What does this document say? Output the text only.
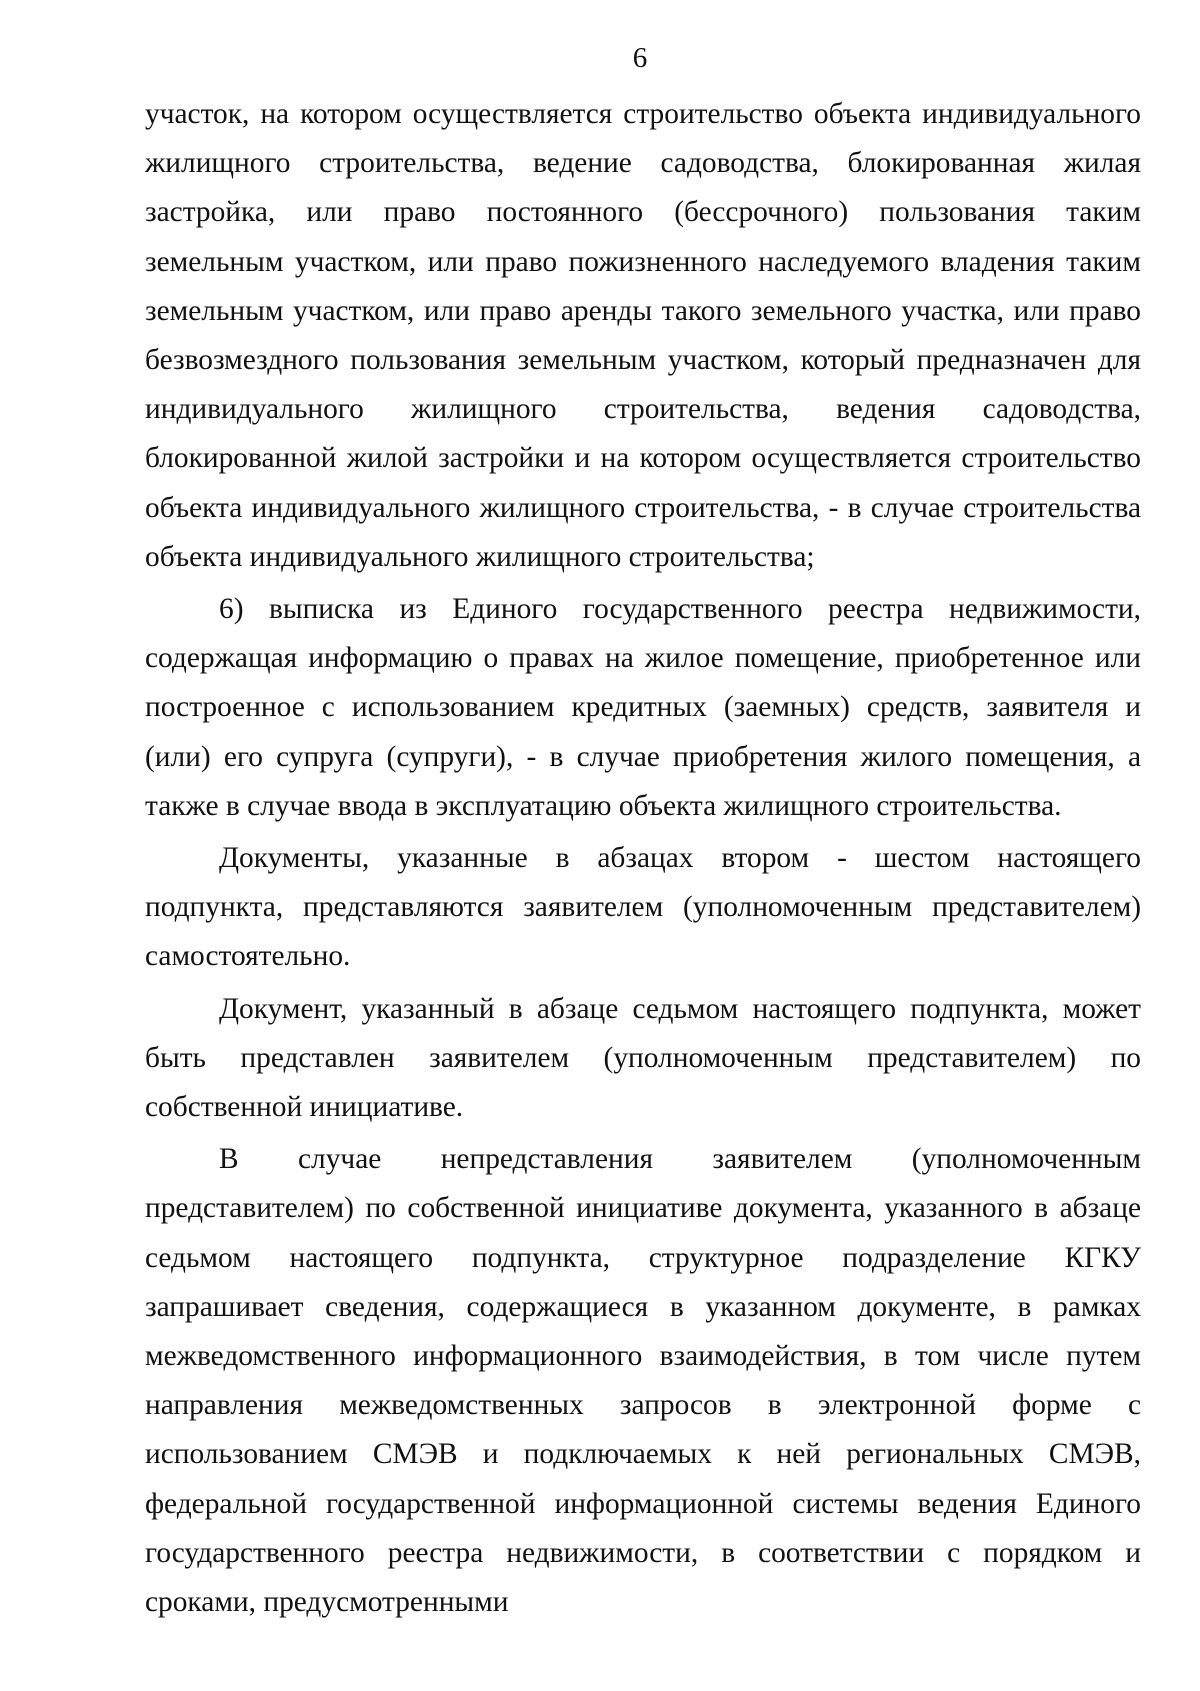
6

участок, на котором осуществляется строительство объекта индивидуального жилищного строительства, ведение садоводства, блокированная жилая застройка, или право постоянного (бессрочного) пользования таким земельным участком, или право пожизненного наследуемого владения таким земельным участком, или право аренды такого земельного участка, или право безвозмездного пользования земельным участком, который предназначен для индивидуального жилищного строительства, ведения садоводства, блокированной жилой застройки и на котором осуществляется строительство объекта индивидуального жилищного строительства, - в случае строительства объекта индивидуального жилищного строительства;

6) выписка из Единого государственного реестра недвижимости, содержащая информацию о правах на жилое помещение, приобретенное или построенное с использованием кредитных (заемных) средств, заявителя и (или) его супруга (супруги), - в случае приобретения жилого помещения, а также в случае ввода в эксплуатацию объекта жилищного строительства.

Документы, указанные в абзацах втором - шестом настоящего подпункта, представляются заявителем (уполномоченным представителем) самостоятельно.

Документ, указанный в абзаце седьмом настоящего подпункта, может быть представлен заявителем (уполномоченным представителем) по собственной инициативе.

В случае непредставления заявителем (уполномоченным представителем) по собственной инициативе документа, указанного в абзаце седьмом настоящего подпункта, структурное подразделение КГКУ запрашивает сведения, содержащиеся в указанном документе, в рамках межведомственного информационного взаимодействия, в том числе путем направления межведомственных запросов в электронной форме с использованием СМЭВ и подключаемых к ней региональных СМЭВ, федеральной государственной информационной системы ведения Единого государственного реестра недвижимости, в соответствии с порядком и сроками, предусмотренными
